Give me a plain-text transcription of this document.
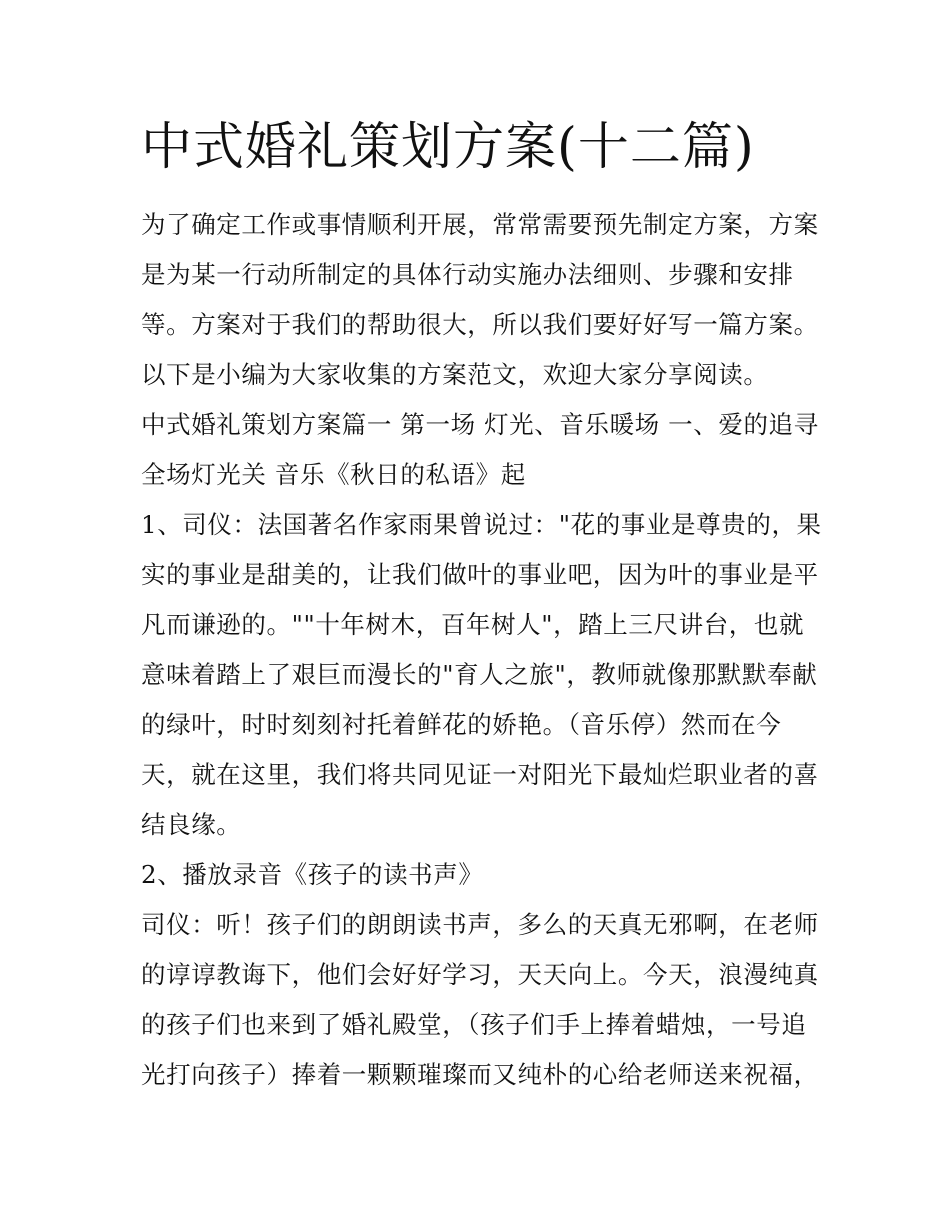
中式婚礼策划方案(十二篇)

为了确定工作或事情顺利开展，常常需要预先制定方案，方案

是为某一行动所制定的具体行动实施办法细则、步骤和安排

等。方案对于我们的帮助很大，所以我们要好好写一篇方案。

以下是小编为大家收集的方案范文，欢迎大家分享阅读。

中式婚礼策划方案篇一 第一场 灯光、音乐暖场 一、爱的追寻

全场灯光关 音乐《秋日的私语》起

1、司仪：法国著名作家雨果曾说过："花的事业是尊贵的，果

实的事业是甜美的，让我们做叶的事业吧，因为叶的事业是平

凡而谦逊的。""十年树木，百年树人"，踏上三尺讲台，也就

意味着踏上了艰巨而漫长的"育人之旅"，教师就像那默默奉献

的绿叶，时时刻刻衬托着鲜花的娇艳。（音乐停）然而在今

天，就在这里，我们将共同见证一对阳光下最灿烂职业者的喜

结良缘。

2、播放录音《孩子的读书声》

司仪：听！孩子们的朗朗读书声，多么的天真无邪啊，在老师

的谆谆教诲下，他们会好好学习，天天向上。今天，浪漫纯真

的孩子们也来到了婚礼殿堂，（孩子们手上捧着蜡烛，一号追

光打向孩子）捧着一颗颗璀璨而又纯朴的心给老师送来祝福，
